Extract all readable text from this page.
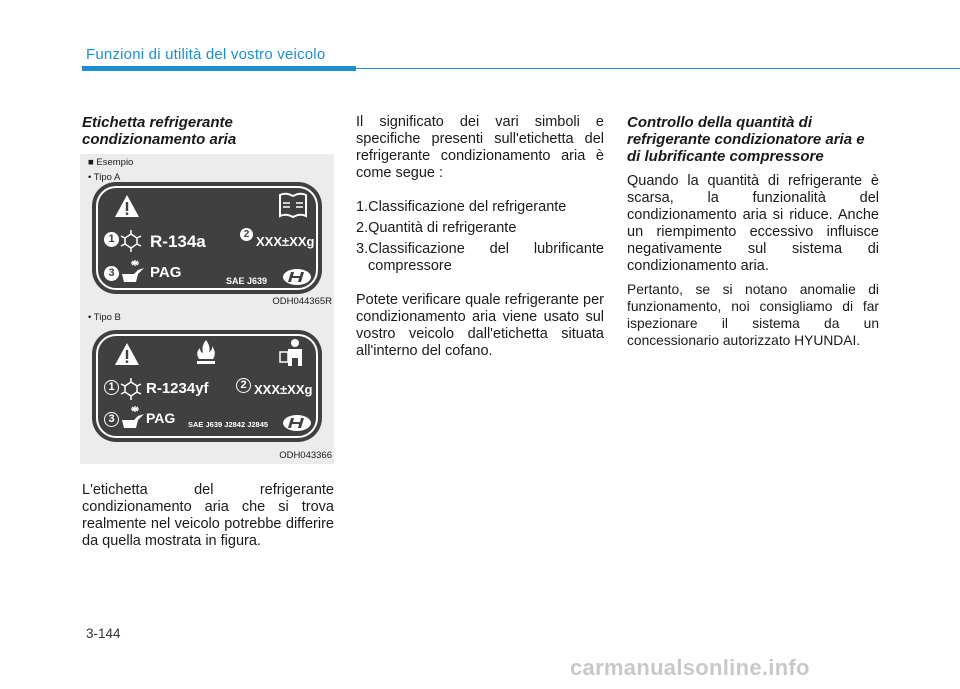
Funzioni di utilità del vostro veicolo

Etichetta refrigerante condizionamento aria

■ Esempio
• Tipo A
1 R-134a	2 XXX±XXg
3 PAG	SAE J639
ODH044365R
• Tipo B
1 R-1234yf	2 XXX±XXg
3	PAG SAE J639 J2842 J2845
ODH043366

L'etichetta del refrigerante condizionamento aria che si trova realmente nel veicolo potrebbe differire da quella mostrata in figura.

Il significato dei vari simboli e specifiche presenti sull'etichetta del refrigerante condizionamento aria è come segue :

1.Classificazione del refrigerante

2.Quantità di refrigerante

3.Classificazione del lubrificante compressore

Potete verificare quale refrigerante per condizionamento aria viene usato sul vostro veicolo dall'etichetta situata all'interno del cofano.

Controllo della quantità di refrigerante condizionatore aria e di lubrificante compressore

Quando la quantità di refrigerante è scarsa, la funzionalità del condizionamento aria si riduce. Anche un riempimento eccessivo influisce negativamente sul sistema di condizionamento aria.

Pertanto, se si notano anomalie di funzionamento, noi consigliamo di far ispezionare il sistema da un concessionario autorizzato HYUNDAI.

3-144
carmanualsonline.info
